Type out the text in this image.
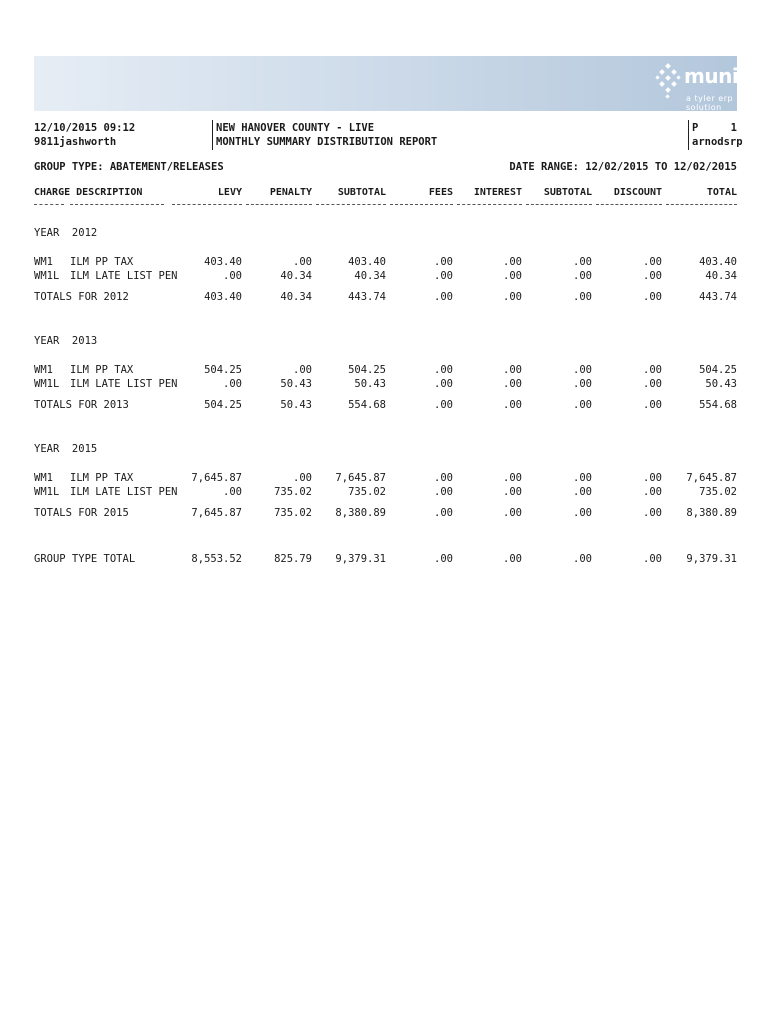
munis
a tyler erp solution
12/10/2015 09:12
9811jashworth
NEW HANOVER COUNTY - LIVE
MONTHLY SUMMARY DISTRIBUTION REPORT
P	1
arnodsrp
GROUP TYPE: ABATEMENT/RELEASES	DATE RANGE: 12/02/2015 TO 12/02/2015
CHARGE DESCRIPTION	LEVY	PENALTY	SUBTOTAL	FEES	INTEREST	SUBTOTAL	DISCOUNT	TOTAL
YEAR  2012
WM1 ILM PP TAX	403.40	.00	403.40	.00	.00	.00	.00	403.40
WM1L ILM LATE LIST PEN	.00	40.34	40.34	.00	.00	.00	.00	40.34
TOTALS FOR 2012	403.40	40.34	443.74	.00	.00	.00	.00	443.74
YEAR  2013
WM1 ILM PP TAX	504.25	.00	504.25	.00	.00	.00	.00	504.25
WM1L ILM LATE LIST PEN	.00	50.43	50.43	.00	.00	.00	.00	50.43
TOTALS FOR 2013	504.25	50.43	554.68	.00	.00	.00	.00	554.68
YEAR  2015
WM1 ILM PP TAX	7,645.87	.00	7,645.87	.00	.00	.00	.00	7,645.87
WM1L ILM LATE LIST PEN	.00	735.02	735.02	.00	.00	.00	.00	735.02
TOTALS FOR 2015	7,645.87	735.02	8,380.89	.00	.00	.00	.00	8,380.89
GROUP TYPE TOTAL	8,553.52	825.79	9,379.31	.00	.00	.00	.00	9,379.31
